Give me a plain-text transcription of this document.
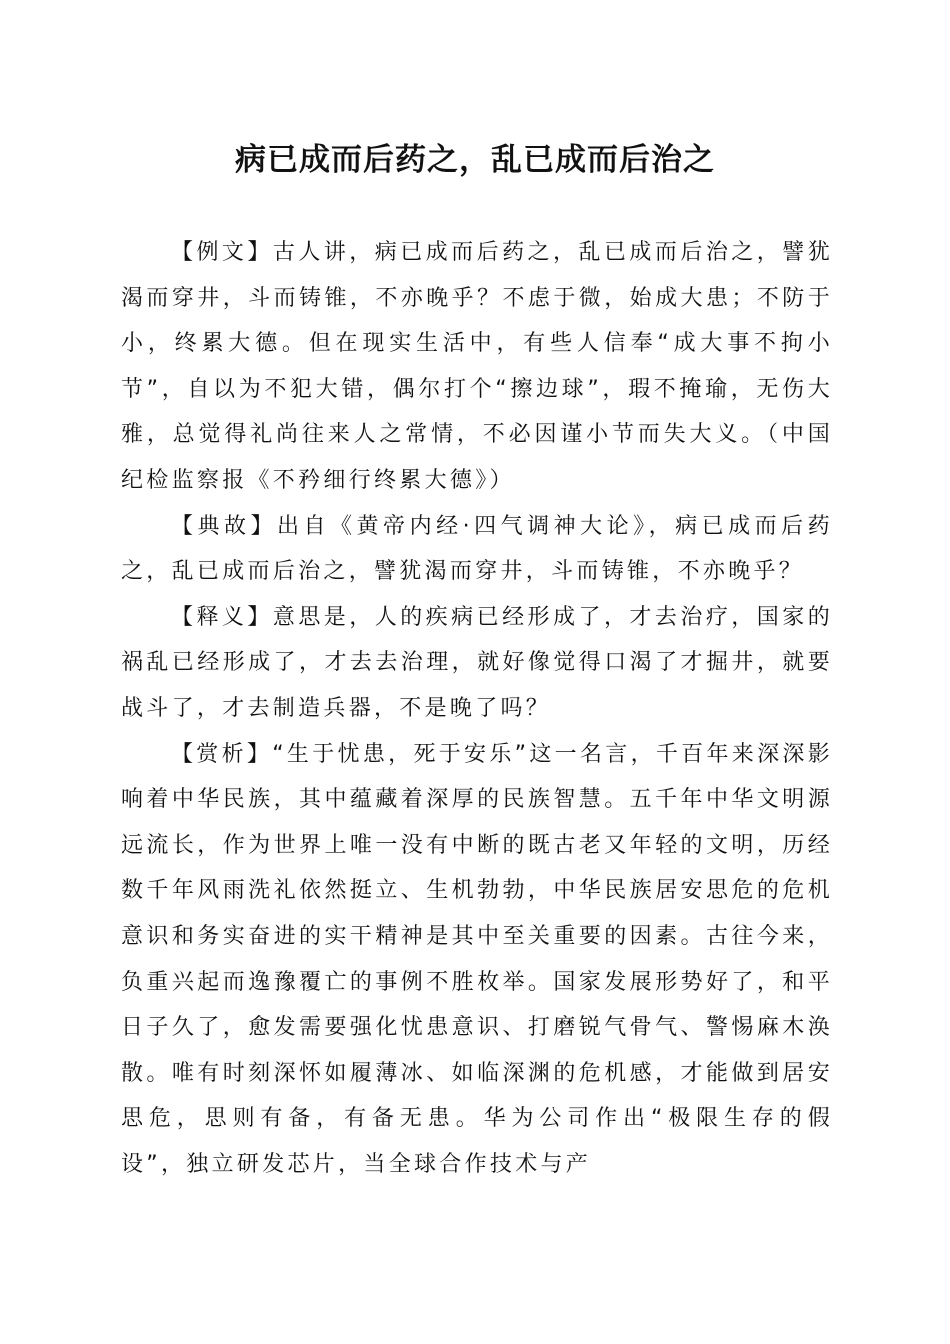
病已成而后药之，乱已成而后治之

【例文】古人讲，病已成而后药之，乱已成而后治之，譬犹渴而穿井，斗而铸锥，不亦晚乎？不虑于微，始成大患；不防于小，终累大德。但在现实生活中，有些人信奉“成大事不拘小节”，自以为不犯大错，偶尔打个“擦边球”，瑕不掩瑜，无伤大雅，总觉得礼尚往来人之常情，不必因谨小节而失大义。（中国纪检监察报《不矜细行终累大德》）

【典故】出自《黄帝内经·四气调神大论》，病已成而后药之，乱已成而后治之，譬犹渴而穿井，斗而铸锥，不亦晚乎？

【释义】意思是，人的疾病已经形成了，才去治疗，国家的祸乱已经形成了，才去去治理，就好像觉得口渴了才掘井，就要战斗了，才去制造兵器，不是晚了吗？

【赏析】“生于忧患，死于安乐”这一名言，千百年来深深影响着中华民族，其中蕴藏着深厚的民族智慧。五千年中华文明源远流长，作为世界上唯一没有中断的既古老又年轻的文明，历经数千年风雨洗礼依然挺立、生机勃勃，中华民族居安思危的危机意识和务实奋进的实干精神是其中至关重要的因素。古往今来，负重兴起而逸豫覆亡的事例不胜枚举。国家发展形势好了，和平日子久了，愈发需要强化忧患意识、打磨锐气骨气、警惕麻木涣散。唯有时刻深怀如履薄冰、如临深渊的危机感，才能做到居安思危，思则有备，有备无患。华为公司作出“极限生存的假设”，独立研发芯片，当全球合作技术与产
